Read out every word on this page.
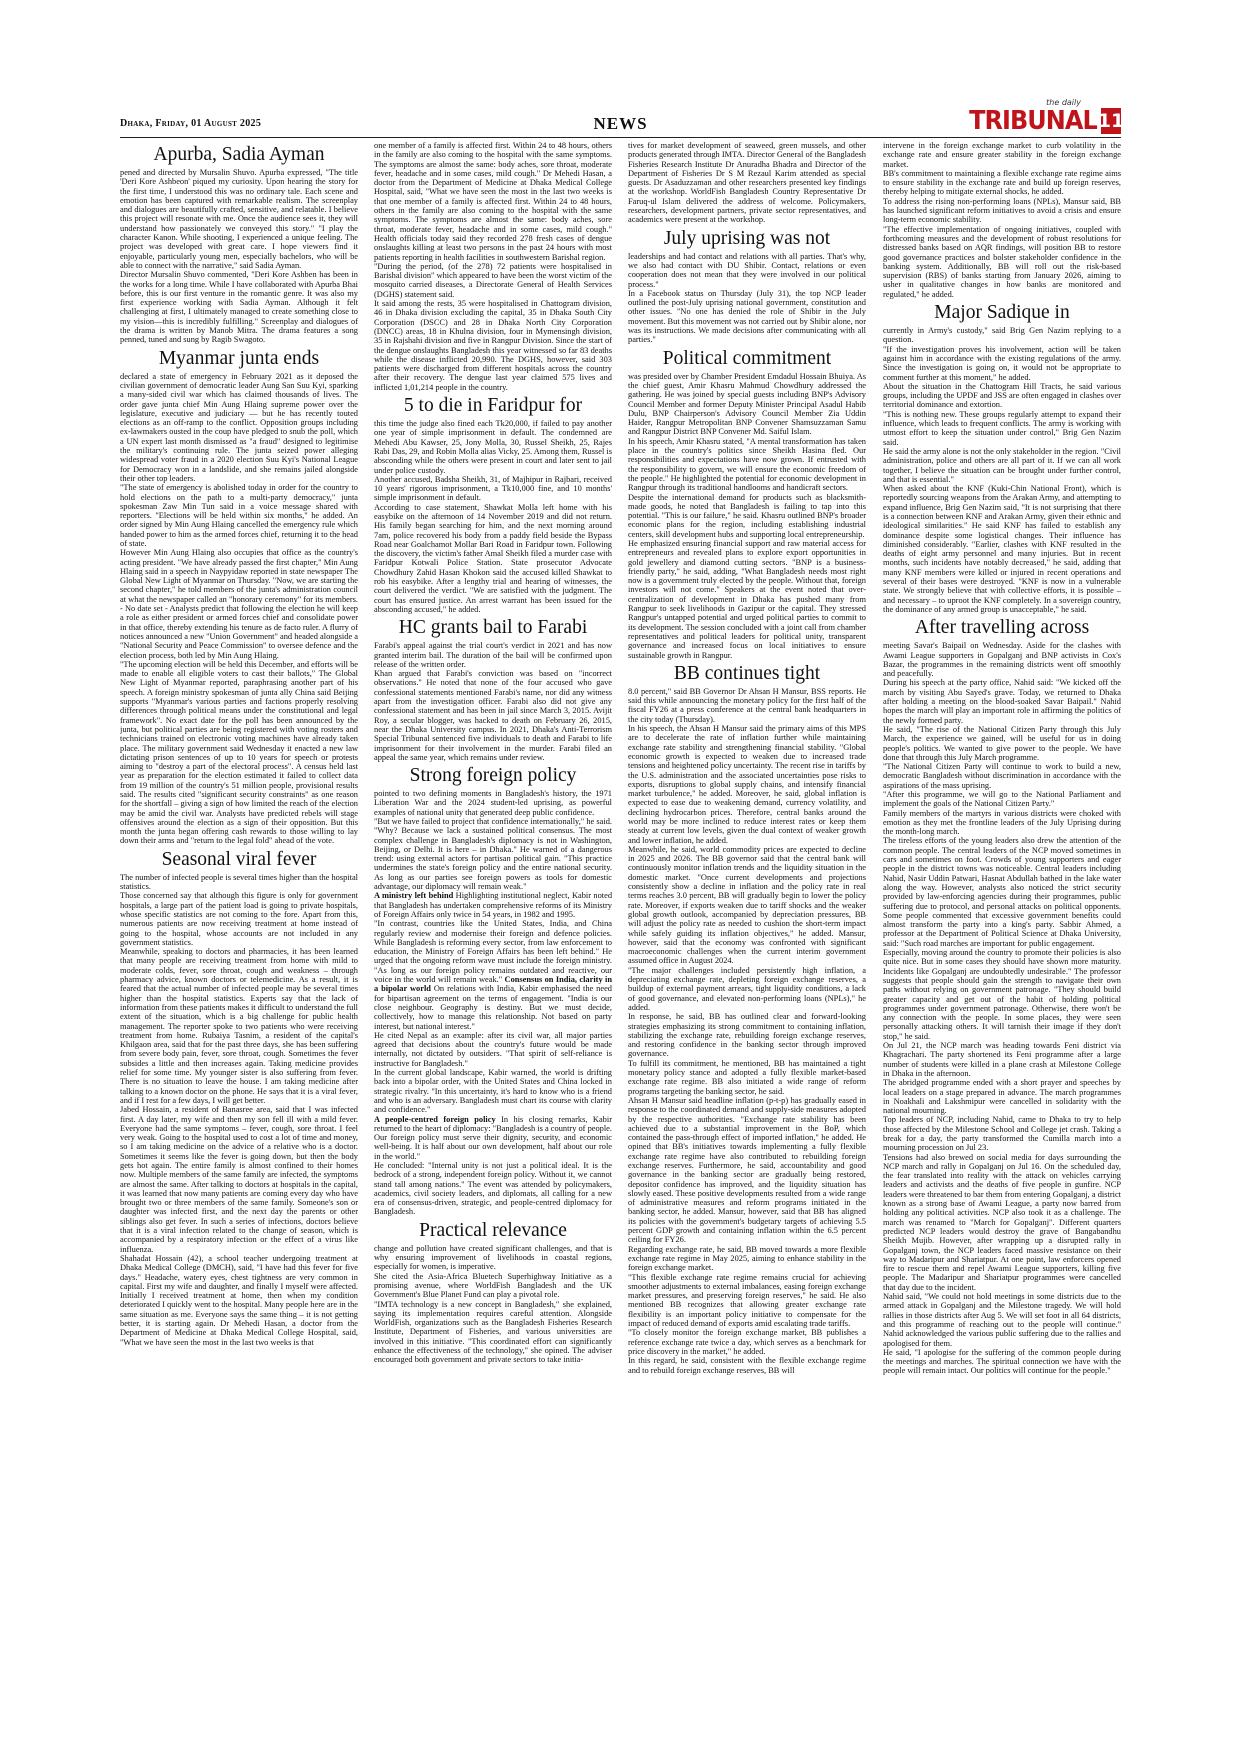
Dhaka, Friday, 01 August 2025	NEWS
the daily
TRIBUNAL 11
Apurba, Sadia Ayman

pened and directed by Mursalin Shuvo. Apurba expressed, "The title 'Deri Kore Ashbeon' piqued my curiosity. Upon hearing the story for the first time, I understood this was no ordinary tale. Each scene and emotion has been captured with remarkable realism. The screenplay and dialogues are beautifully crafted, sensitive, and relatable. I believe this project will resonate with me. Once the audience sees it, they will understand how passionately we conveyed this story." "I play the character Kanon. While shooting, I experienced a unique feeling. The project was developed with great care. I hope viewers find it enjoyable, particularly young men, especially bachelors, who will be able to connect with the narrative," said Sadia Ayman.

Director Mursalin Shuvo commented, "Deri Kore Ashben has been in the works for a long time. While I have collaborated with Apurba Bhai before, this is our first venture in the romantic genre. It was also my first experience working with Sadia Ayman. Although it felt challenging at first, I ultimately managed to create something close to my vision—this is incredibly fulfilling." Screenplay and dialogues of the drama is written by Manob Mitra. The drama features a song penned, tuned and sung by Ragib Swagoto.

Myanmar junta ends

declared a state of emergency in February 2021 as it deposed the civilian government of democratic leader Aung San Suu Kyi, sparking a many-sided civil war which has claimed thousands of lives. The order gave junta chief Min Aung Hlaing supreme power over the legislature, executive and judiciary — but he has recently touted elections as an off-ramp to the conflict. Opposition groups including ex-lawmakers ousted in the coup have pledged to snub the poll, which a UN expert last month dismissed as "a fraud" designed to legitimise the military's continuing rule. The junta seized power alleging widespread voter fraud in a 2020 election Suu Kyi's National League for Democracy won in a landslide, and she remains jailed alongside their other top leaders.

"The state of emergency is abolished today in order for the country to hold elections on the path to a multi-party democracy," junta spokesman Zaw Min Tun said in a voice message shared with reporters. "Elections will be held within six months," he added. An order signed by Min Aung Hlaing cancelled the emergency rule which handed power to him as the armed forces chief, returning it to the head of state.

However Min Aung Hlaing also occupies that office as the country's acting president. "We have already passed the first chapter," Min Aung Hlaing said in a speech in Naypyidaw reported in state newspaper The Global New Light of Myanmar on Thursday. "Now, we are starting the second chapter," he told members of the junta's administration council at what the newspaper called an "honorary ceremony" for its members. - No date set - Analysts predict that following the election he will keep a role as either president or armed forces chief and consolidate power in that office, thereby extending his tenure as de facto ruler. A flurry of notices announced a new "Union Government" and headed alongside a "National Security and Peace Commission" to oversee defence and the election process, both led by Min Aung Hlaing.

"The upcoming election will be held this December, and efforts will be made to enable all eligible voters to cast their ballots," The Global New Light of Myanmar reported, paraphrasing another part of his speech. A foreign ministry spokesman of junta ally China said Beijing supports "Myanmar's various parties and factions properly resolving differences through political means under the constitutional and legal framework". No exact date for the poll has been announced by the junta, but political parties are being registered with voting rosters and technicians trained on electronic voting machines have already taken place. The military government said Wednesday it enacted a new law dictating prison sentences of up to 10 years for speech or protests aiming to "destroy a part of the electoral process". A census held last year as preparation for the election estimated it failed to collect data from 19 million of the country's 51 million people, provisional results said. The results cited "significant security constraints" as one reason for the shortfall – giving a sign of how limited the reach of the election may be amid the civil war. Analysts have predicted rebels will stage offensives around the election as a sign of their opposition. But this month the junta began offering cash rewards to those willing to lay down their arms and "return to the legal fold" ahead of the vote.

Seasonal viral fever

The number of infected people is several times higher than the hospital statistics.

Those concerned say that although this figure is only for government hospitals, a large part of the patient load is going to private hospitals, whose specific statistics are not coming to the fore. Apart from this, numerous patients are now receiving treatment at home instead of going to the hospital, whose accounts are not included in any government statistics.

Meanwhile, speaking to doctors and pharmacies, it has been learned that many people are receiving treatment from home with mild to moderate colds, fever, sore throat, cough and weakness – through pharmacy advice, known doctors or telemedicine. As a result, it is feared that the actual number of infected people may be several times higher than the hospital statistics. Experts say that the lack of information from these patients makes it difficult to understand the full extent of the situation, which is a big challenge for public health management. The reporter spoke to two patients who were receiving treatment from home. Rubaiya Tasnim, a resident of the capital's Khilgaon area, said that for the past three days, she has been suffering from severe body pain, fever, sore throat, cough. Sometimes the fever subsides a little and then increases again. Taking medicine provides relief for some time. My younger sister is also suffering from fever. There is no situation to leave the house. I am taking medicine after talking to a known doctor on the phone. He says that it is a viral fever, and if I rest for a few days, I will get better.

Jabed Hossain, a resident of Banasree area, said that I was infected first. A day later, my wife and then my son fell ill with a mild fever. Everyone had the same symptoms – fever, cough, sore throat. I feel very weak. Going to the hospital used to cost a lot of time and money, so I am taking medicine on the advice of a relative who is a doctor. Sometimes it seems like the fever is going down, but then the body gets hot again. The entire family is almost confined to their homes now. Multiple members of the same family are infected, the symptoms are almost the same. After talking to doctors at hospitals in the capital, it was learned that now many patients are coming every day who have brought two or three members of the same family. Someone's son or daughter was infected first, and the next day the parents or other siblings also get fever. In such a series of infections, doctors believe that it is a viral infection related to the change of season, which is accompanied by a respiratory infection or the effect of a virus like influenza.

Shahadat Hossain (42), a school teacher undergoing treatment at Dhaka Medical College (DMCH), said, "I have had this fever for five days." Headache, watery eyes, chest tightness are very common in capital. First my wife and daughter, and finally I myself were affected. Initially I received treatment at home, then when my condition deteriorated I quickly went to the hospital. Many people here are in the same situation as me. Everyone says the same thing – it is not getting better, it is starting again. Dr Mehedi Hasan, a doctor from the Department of Medicine at Dhaka Medical College Hospital, said, "What we have seen the most in the last two weeks is that

one member of a family is affected first. Within 24 to 48 hours, others in the family are also coming to the hospital with the same symptoms. The symptoms are almost the same: body aches, sore throat, moderate fever, headache and in some cases, mild cough." Dr Mehedi Hasan, a doctor from the Department of Medicine at Dhaka Medical College Hospital, said, "What we have seen the most in the last two weeks is that one member of a family is affected first. Within 24 to 48 hours, others in the family are also coming to the hospital with the same symptoms. The symptoms are almost the same: body aches, sore throat, moderate fever, headache and in some cases, mild cough." Health officials today said they recorded 278 fresh cases of dengue onslaughts killing at least two persons in the past 24 hours with most patients reporting in health facilities in southwestern Barishal region.

"During the period, (of the 278) 72 patients were hospitalised in Barishal division" which appeared to have been the worst victim of the mosquito carried diseases, a Directorate General of Health Services (DGHS) statement said.

It said among the rests, 35 were hospitalised in Chattogram division, 46 in Dhaka division excluding the capital, 35 in Dhaka South City Corporation (DSCC) and 28 in Dhaka North City Corporation (DNCC) areas, 18 in Khulna division, four in Mymensingh division, 35 in Rajshahi division and five in Rangpur Division. Since the start of the dengue onslaughts Bangladesh this year witnessed so far 83 deaths while the disease inflicted 20,990. The DGHS, however, said 303 patients were discharged from different hospitals across the country after their recovery. The dengue last year claimed 575 lives and inflicted 1,01,214 people in the country.

5 to die in Faridpur for

this time the judge also fined each Tk20,000, if failed to pay another one year of simple imprisonment in default. The condemned are Mehedi Abu Kawser, 25, Jony Molla, 30, Russel Sheikh, 25, Rajes Rabi Das, 29, and Robin Molla alias Vicky, 25. Among them, Russel is absconding while the others were present in court and later sent to jail under police custody.

Another accused, Badsha Sheikh, 31, of Majhipur in Rajbari, received 10 years' rigorous imprisonment, a Tk10,000 fine, and 10 months' simple imprisonment in default.

According to case statement, Shawkat Molla left home with his easybike on the afternoon of 14 November 2019 and did not return. His family began searching for him, and the next morning around 7am, police recovered his body from a paddy field beside the Bypass Road near Goalchamot Mollar Bari Road in Faridpur town. Following the discovery, the victim's father Amal Sheikh filed a murder case with Faridpur Kotwali Police Station. State prosecutor Advocate Chowdhury Zahid Hasan Khokon said the accused killed Shawkat to rob his easybike. After a lengthy trial and hearing of witnesses, the court delivered the verdict. "We are satisfied with the judgment. The court has ensured justice. An arrest warrant has been issued for the absconding accused," he added.

HC grants bail to Farabi

Farabi's appeal against the trial court's verdict in 2021 and has now granted interim bail. The duration of the bail will be confirmed upon release of the written order.

Khan argued that Farabi's conviction was based on "incorrect observations." He noted that none of the four accused who gave confessional statements mentioned Farabi's name, nor did any witness apart from the investigation officer. Farabi also did not give any confessional statement and has been in jail since March 3, 2015. Avijit Roy, a secular blogger, was hacked to death on February 26, 2015, near the Dhaka University campus. In 2021, Dhaka's Anti-Terrorism Special Tribunal sentenced five individuals to death and Farabi to life imprisonment for their involvement in the murder. Farabi filed an appeal the same year, which remains under review.

Strong foreign policy

pointed to two defining moments in Bangladesh's history, the 1971 Liberation War and the 2024 student-led uprising, as powerful examples of national unity that generated deep public confidence.

"But we have failed to project that confidence internationally," he said. "Why? Because we lack a sustained political consensus. The most complex challenge in Bangladesh's diplomacy is not in Washington, Beijing, or Delhi. It is here – in Dhaka." He warned of a dangerous trend: using external actors for partisan political gain. "This practice undermines the state's foreign policy and the entire national security. As long as our parties see foreign powers as tools for domestic advantage, our diplomacy will remain weak."

A ministry left behind Highlighting institutional neglect, Kabir noted that Bangladesh has undertaken comprehensive reforms of its Ministry of Foreign Affairs only twice in 54 years, in 1982 and 1995.

"In contrast, countries like the United States, India, and China regularly review and modernise their foreign and defence policies. While Bangladesh is reforming every sector, from law enforcement to education, the Ministry of Foreign Affairs has been left behind." He urged that the ongoing reform wave must include the foreign ministry. "As long as our foreign policy remains outdated and reactive, our voice in the world will remain weak." Consensus on India, clarity in a bipolar world On relations with India, Kabir emphasised the need for bipartisan agreement on the terms of engagement. "India is our close neighbour. Geography is destiny. But we must decide, collectively, how to manage this relationship. Not based on party interest, but national interest."

He cited Nepal as an example: after its civil war, all major parties agreed that decisions about the country's future would be made internally, not dictated by outsiders. "That spirit of self-reliance is instructive for Bangladesh."

In the current global landscape, Kabir warned, the world is drifting back into a bipolar order, with the United States and China locked in strategic rivalry. "In this uncertainty, it's hard to know who is a friend and who is an adversary. Bangladesh must chart its course with clarity and confidence."

A people-centred foreign policy In his closing remarks, Kabir returned to the heart of diplomacy: "Bangladesh is a country of people. Our foreign policy must serve their dignity, security, and economic well-being. It is half about our own development, half about our role in the world."

He concluded: "Internal unity is not just a political ideal. It is the bedrock of a strong, independent foreign policy. Without it, we cannot stand tall among nations." The event was attended by policymakers, academics, civil society leaders, and diplomats, all calling for a new era of consensus-driven, strategic, and people-centred diplomacy for Bangladesh.

Practical relevance

change and pollution have created significant challenges, and that is why ensuring improvement of livelihoods in coastal regions, especially for women, is imperative.

She cited the Asia-Africa Bluetech Superhighway Initiative as a promising avenue, where WorldFish Bangladesh and the UK Government's Blue Planet Fund can play a pivotal role.

"IMTA technology is a new concept in Bangladesh," she explained, saying its implementation requires careful attention. Alongside WorldFish, organizations such as the Bangladesh Fisheries Research Institute, Department of Fisheries, and various universities are involved in this initiative. "This coordinated effort can significantly enhance the effectiveness of the technology," she opined. The adviser encouraged both government and private sectors to take initia-

tives for market development of seaweed, green mussels, and other products generated through IMTA. Director General of the Bangladesh Fisheries Research Institute Dr Anuradha Bhadra and Director of the Department of Fisheries Dr S M Rezaul Karim attended as special guests. Dr Asaduzzaman and other researchers presented key findings at the workshop. WorldFish Bangladesh Country Representative Dr Faruq-ul Islam delivered the address of welcome. Policymakers, researchers, development partners, private sector representatives, and academics were present at the workshop.

July uprising was not

leaderships and had contact and relations with all parties. That's why, we also had contact with DU Shibir. Contact, relations or even cooperation does not mean that they were involved in our political process."

In a Facebook status on Thursday (July 31), the top NCP leader outlined the post-July uprising national government, constitution and other issues. "No one has denied the role of Shibir in the July movement. But this movement was not carried out by Shibir alone, nor was its instructions. We made decisions after communicating with all parties."

Political commitment

was presided over by Chamber President Emdadul Hossain Bhuiya. As the chief guest, Amir Khasru Mahmud Chowdhury addressed the gathering. He was joined by special guests including BNP's Advisory Council Member and former Deputy Minister Principal Asadul Habib Dulu, BNP Chairperson's Advisory Council Member Zia Uddin Haider, Rangpur Metropolitan BNP Convener Shamsuzzaman Samu and Rangpur District BNP Convener Md. Saiful Islam.

In his speech, Amir Khasru stated, "A mental transformation has taken place in the country's politics since Sheikh Hasina fled. Our responsibilities and expectations have now grown. If entrusted with the responsibility to govern, we will ensure the economic freedom of the people." He highlighted the potential for economic development in Rangpur through its traditional handlooms and handicraft sectors.

Despite the international demand for products such as blacksmith-made goods, he noted that Bangladesh is failing to tap into this potential. "This is our failure," he said. Khasru outlined BNP's broader economic plans for the region, including establishing industrial centers, skill development hubs and supporting local entrepreneurship.

He emphasized ensuring financial support and raw material access for entrepreneurs and revealed plans to explore export opportunities in gold jewellery and diamond cutting sectors. "BNP is a business-friendly party," he said, adding, "What Bangladesh needs most right now is a government truly elected by the people. Without that, foreign investors will not come." Speakers at the event noted that over-centralization of development in Dhaka has pushed many from Rangpur to seek livelihoods in Gazipur or the capital. They stressed Rangpur's untapped potential and urged political parties to commit to its development. The session concluded with a joint call from chamber representatives and political leaders for political unity, transparent governance and increased focus on local initiatives to ensure sustainable growth in Rangpur.

BB continues tight

8.0 percent," said BB Governor Dr Ahsan H Mansur, BSS reports. He said this while announcing the monetary policy for the first half of the fiscal FY26 at a press conference at the central bank headquarters in the city today (Thursday).

In his speech, the Ahsan H Mansur said the primary aims of this MPS are to decelerate the rate of inflation further while maintaining exchange rate stability and strengthening financial stability. "Global economic growth is expected to weaken due to increased trade tensions and heightened policy uncertainty. The recent rise in tariffs by the U.S. administration and the associated uncertainties pose risks to exports, disruptions to global supply chains, and intensify financial market turbulence," he added. Moreover, he said, global inflation is expected to ease due to weakening demand, currency volatility, and declining hydrocarbon prices. Therefore, central banks around the world may be more inclined to reduce interest rates or keep them steady at current low levels, given the dual context of weaker growth and lower inflation, he added.

Meanwhile, he said, world commodity prices are expected to decline in 2025 and 2026. The BB governor said that the central bank will continuously monitor inflation trends and the liquidity situation in the domestic market. "Once current developments and projections consistently show a decline in inflation and the policy rate in real terms reaches 3.0 percent, BB will gradually begin to lower the policy rate. Moreover, if exports weaken due to tariff shocks and the weaker global growth outlook, accompanied by depreciation pressures, BB will adjust the policy rate as needed to cushion the short-term impact while safely guiding its inflation objectives," he added. Mansur, however, said that the economy was confronted with significant macroeconomic challenges when the current interim government assumed office in August 2024.

"The major challenges included persistently high inflation, a depreciating exchange rate, depleting foreign exchange reserves, a buildup of external payment arrears, tight liquidity conditions, a lack of good governance, and elevated non-performing loans (NPLs)," he added.

In response, he said, BB has outlined clear and forward-looking strategies emphasizing its strong commitment to containing inflation, stabilizing the exchange rate, rebuilding foreign exchange reserves, and restoring confidence in the banking sector through improved governance.

To fulfill its commitment, he mentioned, BB has maintained a tight monetary policy stance and adopted a fully flexible market-based exchange rate regime. BB also initiated a wide range of reform programs targeting the banking sector, he said.

Ahsan H Mansur said headline inflation (p-t-p) has gradually eased in response to the coordinated demand and supply-side measures adopted by the respective authorities. "Exchange rate stability has been achieved due to a substantial improvement in the BoP, which contained the pass-through effect of imported inflation," he added. He opined that BB's initiatives towards implementing a fully flexible exchange rate regime have also contributed to rebuilding foreign exchange reserves. Furthermore, he said, accountability and good governance in the banking sector are gradually being restored, depositor confidence has improved, and the liquidity situation has slowly eased. These positive developments resulted from a wide range of administrative measures and reform programs initiated in the banking sector, he added. Mansur, however, said that BB has aligned its policies with the government's budgetary targets of achieving 5.5 percent GDP growth and containing inflation within the 6.5 percent ceiling for FY26.

Regarding exchange rate, he said, BB moved towards a more flexible exchange rate regime in May 2025, aiming to enhance stability in the foreign exchange market.

"This flexible exchange rate regime remains crucial for achieving smoother adjustments to external imbalances, easing foreign exchange market pressures, and preserving foreign reserves," he said. He also mentioned BB recognizes that allowing greater exchange rate flexibility is an important policy initiative to compensate for the impact of reduced demand of exports amid escalating trade tariffs.

"To closely monitor the foreign exchange market, BB publishes a reference exchange rate twice a day, which serves as a benchmark for price discovery in the market," he added.

In this regard, he said, consistent with the flexible exchange regime and to rebuild foreign exchange reserves, BB will

intervene in the foreign exchange market to curb volatility in the exchange rate and ensure greater stability in the foreign exchange market.

BB's commitment to maintaining a flexible exchange rate regime aims to ensure stability in the exchange rate and build up foreign reserves, thereby helping to mitigate external shocks, he added.

To address the rising non-performing loans (NPLs), Mansur said, BB has launched significant reform initiatives to avoid a crisis and ensure long-term economic stability.

"The effective implementation of ongoing initiatives, coupled with forthcoming measures and the development of robust resolutions for distressed banks based on AQR findings, will position BB to restore good governance practices and bolster stakeholder confidence in the banking system. Additionally, BB will roll out the risk-based supervision (RBS) of banks starting from January 2026, aiming to usher in qualitative changes in how banks are monitored and regulated," he added.

Major Sadique in

currently in Army's custody," said Brig Gen Nazim replying to a question.

"If the investigation proves his involvement, action will be taken against him in accordance with the existing regulations of the army. Since the investigation is going on, it would not be appropriate to comment further at this moment," he added.

About the situation in the Chattogram Hill Tracts, he said various groups, including the UPDF and JSS are often engaged in clashes over territorial dominance and extortion.

"This is nothing new. These groups regularly attempt to expand their influence, which leads to frequent conflicts. The army is working with utmost effort to keep the situation under control," Brig Gen Nazim said.

He said the army alone is not the only stakeholder in the region. "Civil administration, police and others are all part of it. If we can all work together, I believe the situation can be brought under further control, and that is essential."

When asked about the KNF (Kuki-Chin National Front), which is reportedly sourcing weapons from the Arakan Army, and attempting to expand influence, Brig Gen Nazim said, "It is not surprising that there is a connection between KNF and Arakan Army, given their ethnic and ideological similarities." He said KNF has failed to establish any dominance despite some logistical changes. Their influence has diminished considerably. "Earlier, clashes with KNF resulted in the deaths of eight army personnel and many injuries. But in recent months, such incidents have notably decreased," he said, adding that many KNF members were killed or injured in recent operations and several of their bases were destroyed. "KNF is now in a vulnerable state. We strongly believe that with collective efforts, it is possible – and necessary – to uproot the KNF completely. In a sovereign country, the dominance of any armed group is unacceptable," he said.

After travelling across

meeting Savar's Baipail on Wednesday. Aside for the clashes with Awami League supporters in Gopalganj and BNP activists in Cox's Bazar, the programmes in the remaining districts went off smoothly and peacefully.

During his speech at the party office, Nahid said: "We kicked off the march by visiting Abu Sayed's grave. Today, we returned to Dhaka after holding a meeting on the blood-soaked Savar Baipail." Nahid hopes the march will play an important role in affirming the politics of the newly formed party.

He said, "The rise of the National Citizen Party through this July March, the experience we gained, will be useful for us in doing people's politics. We wanted to give power to the people. We have done that through this July March programme.

"The National Citizen Party will continue to work to build a new, democratic Bangladesh without discrimination in accordance with the aspirations of the mass uprising.

"After this programme, we will go to the National Parliament and implement the goals of the National Citizen Party."

Family members of the martyrs in various districts were choked with emotion as they met the frontline leaders of the July Uprising during the month-long march.

The tireless efforts of the young leaders also drew the attention of the common people. The central leaders of the NCP moved sometimes in cars and sometimes on foot. Crowds of young supporters and eager people in the district towns was noticeable. Central leaders including Nahid, Nasir Uddin Patwari, Hasnat Abdullah bathed in the lake water along the way. However, analysts also noticed the strict security provided by law-enforcing agencies during their programmes, public suffering due to protocol, and personal attacks on political opponents. Some people commented that excessive government benefits could almost transform the party into a king's party. Sabbir Ahmed, a professor at the Department of Political Science at Dhaka University, said: "Such road marches are important for public engagement.

Especially, moving around the country to promote their policies is also quite nice. But in some cases they should have shown more maturity. Incidents like Gopalganj are undoubtedly undesirable." The professor suggests that people should gain the strength to navigate their own paths without relying on government patronage. "They should build greater capacity and get out of the habit of holding political programmes under government patronage. Otherwise, there won't be any connection with the people. In some places, they were seen personally attacking others. It will tarnish their image if they don't stop," he said.

On Jul 21, the NCP march was heading towards Feni district via Khagrachari. The party shortened its Feni programme after a large number of students were killed in a plane crash at Milestone College in Dhaka in the afternoon.

The abridged programme ended with a short prayer and speeches by local leaders on a stage prepared in advance. The march programmes in Noakhali and Lakshmipur were cancelled in solidarity with the national mourning.

Top leaders of NCP, including Nahid, came to Dhaka to try to help those affected by the Milestone School and College jet crash. Taking a break for a day, the party transformed the Cumilla march into a mourning procession on Jul 23.

Tensions had also brewed on social media for days surrounding the NCP march and rally in Gopalganj on Jul 16. On the scheduled day, the fear translated into reality with the attack on vehicles carrying leaders and activists and the deaths of five people in gunfire. NCP leaders were threatened to bar them from entering Gopalganj, a district known as a strong base of Awami League, a party now barred from holding any political activities. NCP also took it as a challenge. The march was renamed to "March for Gopalganj". Different quarters predicted NCP leaders would destroy the grave of Bangabandhu Sheikh Mujib. However, after wrapping up a disrupted rally in Gopalganj town, the NCP leaders faced massive resistance on their way to Madaripur and Shariatpur. At one point, law enforcers opened fire to rescue them and repel Awami League supporters, killing five people. The Madaripur and Shariatpur programmes were cancelled that day due to the incident.

Nahid said, "We could not hold meetings in some districts due to the armed attack in Gopalganj and the Milestone tragedy. We will hold rallies in those districts after Aug 5. We will set foot in all 64 districts, and this programme of reaching out to the people will continue." Nahid acknowledged the various public suffering due to the rallies and apologised for them.

He said, "I apologise for the suffering of the common people during the meetings and marches. The spiritual connection we have with the people will remain intact. Our politics will continue for the people."
